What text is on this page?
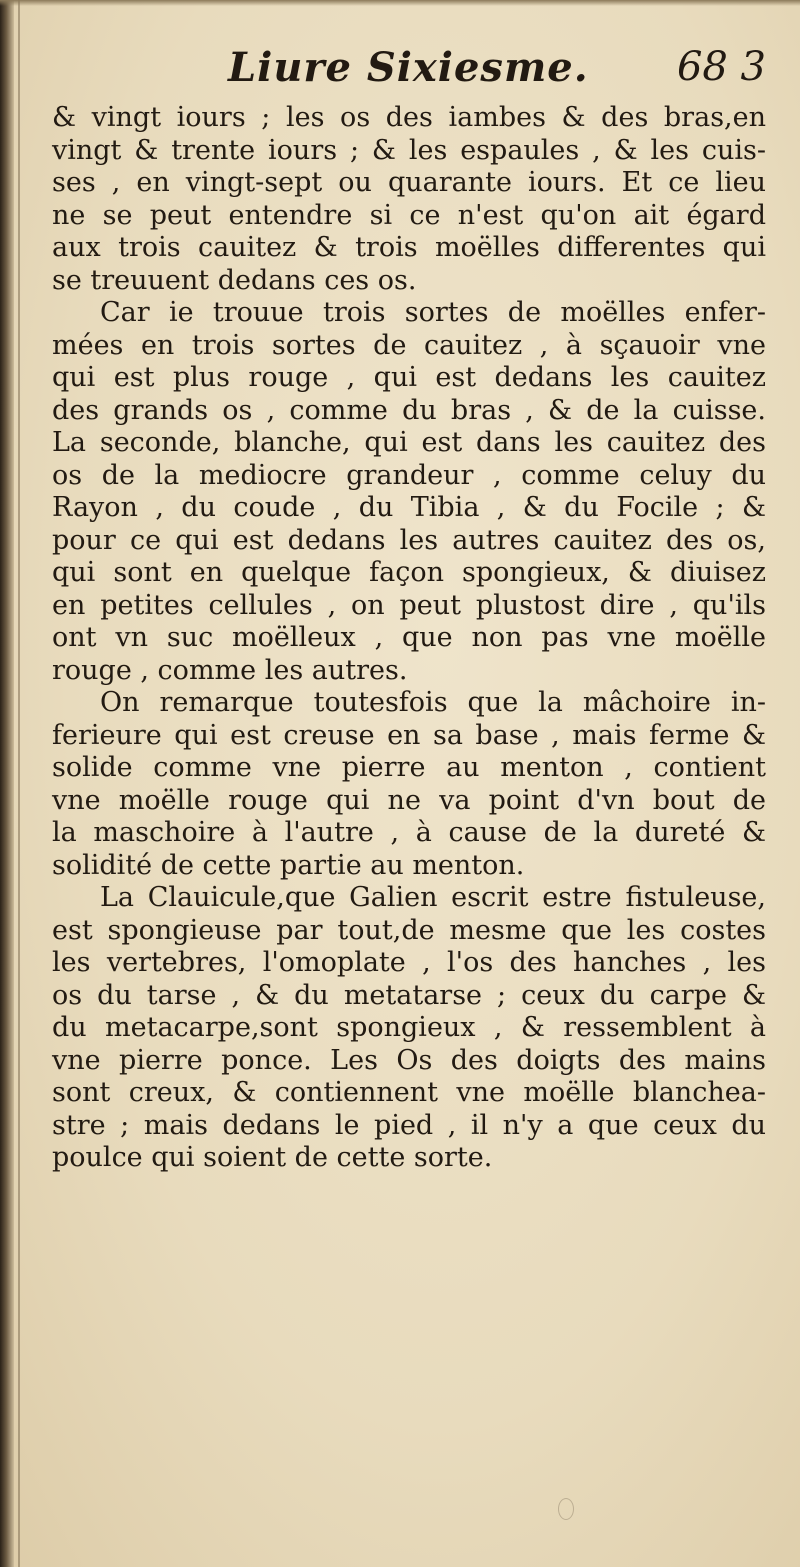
Liure Sixiesme. 68 3
& vingt iours ; les os des iambes & des bras,en
vingt & trente iours ; & les espaules , & les cuis-
ses , en vingt-sept ou quarante iours. Et ce lieu
ne se peut entendre si ce n'est qu'on ait égard
aux trois cauitez & trois moëlles differentes qui
se treuuent dedans ces os.
Car ie trouue trois sortes de moëlles enfer-
mées en trois sortes de cauitez , à sçauoir vne
qui est plus rouge , qui est dedans les cauitez
des grands os , comme du bras , & de la cuisse.
La seconde, blanche, qui est dans les cauitez des
os de la mediocre grandeur , comme celuy du
Rayon , du coude , du Tibia , & du Focile ; &
pour ce qui est dedans les autres cauitez des os,
qui sont en quelque façon spongieux, & diuisez
en petites cellules , on peut plustost dire , qu'ils
ont vn suc moëlleux , que non pas vne moëlle
rouge , comme les autres.
On remarque toutesfois que la mâchoire in-
ferieure qui est creuse en sa base , mais ferme &
solide comme vne pierre au menton , contient
vne moëlle rouge qui ne va point d'vn bout de
la maschoire à l'autre , à cause de la dureté &
solidité de cette partie au menton.
La Clauicule,que Galien escrit estre fistuleuse,
est spongieuse par tout,de mesme que les costes
les vertebres, l'omoplate , l'os des hanches , les
os du tarse , & du metatarse ; ceux du carpe &
du metacarpe,sont spongieux , & ressemblent à
vne pierre ponce. Les Os des doigts des mains
sont creux, & contiennent vne moëlle blanchea-
stre ; mais dedans le pied , il n'y a que ceux du
poulce qui soient de cette sorte.
